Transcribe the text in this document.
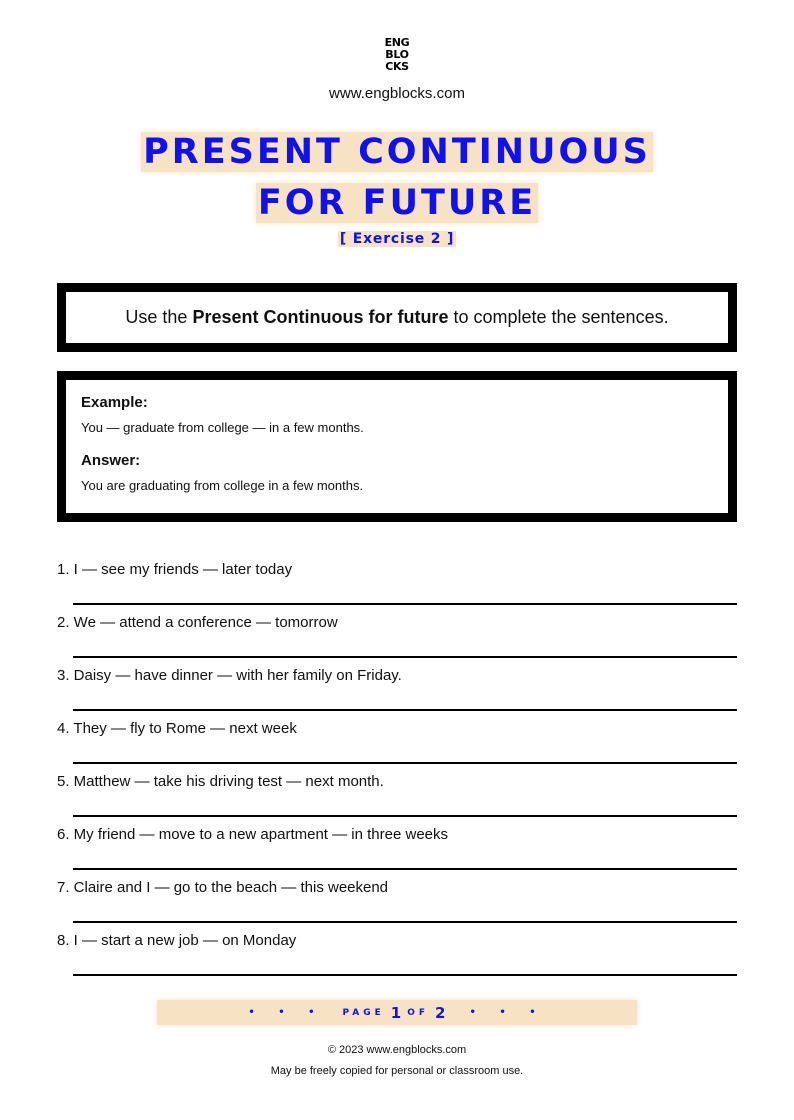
ENG
BLO
CKS
www.engblocks.com
PRESENT CONTINUOUS
FOR FUTURE
[ Exercise 2 ]
Use the Present Continuous for future to complete the sentences.
Example:
You — graduate from college — in a few months.
Answer:
You are graduating from college in a few months.
1. I — see my friends — later today
2. We — attend a conference — tomorrow
3. Daisy — have dinner — with her family on Friday.
4. They — fly to Rome — next week
5. Matthew — take his driving test — next month.
6. My friend — move to a new apartment — in three weeks
7. Claire and I — go to the beach — this weekend
8. I — start a new job — on Monday
• • • PAGE 1 OF 2 • • •
© 2023 www.engblocks.com
May be freely copied for personal or classroom use.
